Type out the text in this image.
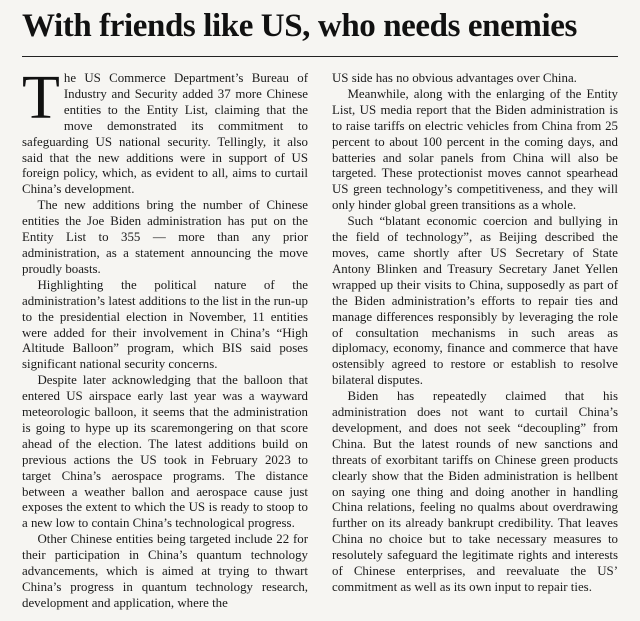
With friends like US, who needs enemies

The US Commerce Department’s Bureau of Industry and Security added 37 more Chinese entities to the Entity List, claiming that the move demonstrated its commitment to safeguarding US national security. Tellingly, it also said that the new additions were in support of US foreign policy, which, as evident to all, aims to curtail China’s development.

The new additions bring the number of Chinese entities the Joe Biden administration has put on the Entity List to 355 — more than any prior administration, as a statement announcing the move proudly boasts.

Highlighting the political nature of the administration’s latest additions to the list in the run-up to the presidential election in November, 11 entities were added for their involvement in China’s “High Altitude Balloon” program, which BIS said poses significant national security concerns.

Despite later acknowledging that the balloon that entered US airspace early last year was a wayward meteorologic balloon, it seems that the administration is going to hype up its scaremongering on that score ahead of the election. The latest additions build on previous actions the US took in February 2023 to target China’s aerospace programs. The distance between a weather ballon and aerospace cause just exposes the extent to which the US is ready to stoop to a new low to contain China’s technological progress.

Other Chinese entities being targeted include 22 for their participation in China’s quantum technology advancements, which is aimed at trying to thwart China’s progress in quantum technology research, development and application, where the

US side has no obvious advantages over China.

Meanwhile, along with the enlarging of the Entity List, US media report that the Biden administration is to raise tariffs on electric vehicles from China from 25 percent to about 100 percent in the coming days, and batteries and solar panels from China will also be targeted. These protectionist moves cannot spearhead US green technology’s competitiveness, and they will only hinder global green transitions as a whole.

Such “blatant economic coercion and bullying in the field of technology”, as Beijing described the moves, came shortly after US Secretary of State Antony Blinken and Treasury Secretary Janet Yellen wrapped up their visits to China, supposedly as part of the Biden administration’s efforts to repair ties and manage differences responsibly by leveraging the role of consultation mechanisms in such areas as diplomacy, economy, finance and commerce that have ostensibly agreed to restore or establish to resolve bilateral disputes.

Biden has repeatedly claimed that his administration does not want to curtail China’s development, and does not seek “decoupling” from China. But the latest rounds of new sanctions and threats of exorbitant tariffs on Chinese green products clearly show that the Biden administration is hellbent on saying one thing and doing another in handling China relations, feeling no qualms about overdrawing further on its already bankrupt credibility. That leaves China no choice but to take necessary measures to resolutely safeguard the legitimate rights and interests of Chinese enterprises, and reevaluate the US’ commitment as well as its own input to repair ties.
